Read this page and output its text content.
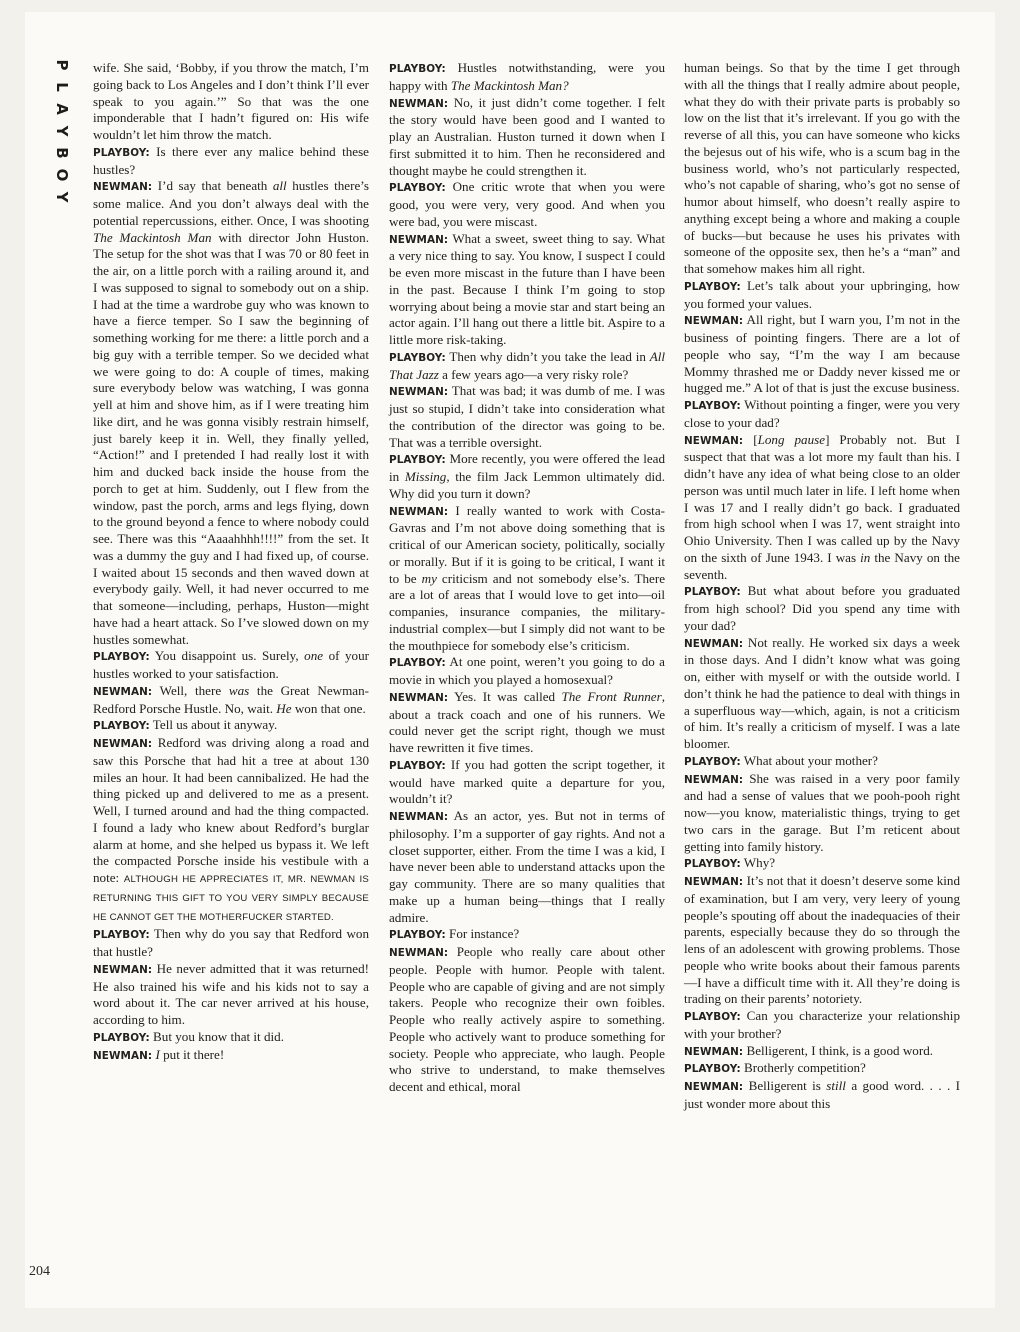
P
L
A
Y
B
O
Y
204

wife. She said, ‘Bobby, if you throw the match, I’m going back to Los Angeles and I don’t think I’ll ever speak to you again.’” So that was the one imponderable that I hadn’t figured on: His wife wouldn’t let him throw the match.

PLAYBOY: Is there ever any malice behind these hustles?

NEWMAN: I’d say that beneath all hustles there’s some malice. And you don’t always deal with the potential repercussions, either. Once, I was shooting The Mackintosh Man with director John Huston. The setup for the shot was that I was 70 or 80 feet in the air, on a little porch with a railing around it, and I was supposed to signal to somebody out on a ship. I had at the time a wardrobe guy who was known to have a fierce temper. So I saw the beginning of something working for me there: a little porch and a big guy with a terrible temper. So we decided what we were going to do: A couple of times, making sure everybody below was watching, I was gonna yell at him and shove him, as if I were treating him like dirt, and he was gonna visibly restrain himself, just barely keep it in. Well, they finally yelled, “Action!” and I pretended I had really lost it with him and ducked back inside the house from the porch to get at him. Suddenly, out I flew from the window, past the porch, arms and legs flying, down to the ground beyond a fence to where nobody could see. There was this “Aaaahhhh!!!!” from the set. It was a dummy the guy and I had fixed up, of course. I waited about 15 seconds and then waved down at everybody gaily. Well, it had never occurred to me that someone—including, perhaps, Huston—might have had a heart attack. So I’ve slowed down on my hustles somewhat.

PLAYBOY: You disappoint us. Surely, one of your hustles worked to your satisfaction.

NEWMAN: Well, there was the Great Newman-Redford Porsche Hustle. No, wait. He won that one.

PLAYBOY: Tell us about it anyway.

NEWMAN: Redford was driving along a road and saw this Porsche that had hit a tree at about 130 miles an hour. It had been cannibalized. He had the thing picked up and delivered to me as a present. Well, I turned around and had the thing compacted. I found a lady who knew about Redford’s burglar alarm at home, and she helped us bypass it. We left the compacted Porsche inside his vestibule with a note: ALTHOUGH HE APPRECIATES IT, MR. NEWMAN IS RETURNING THIS GIFT TO YOU VERY SIMPLY BECAUSE HE CANNOT GET THE MOTHERFUCKER STARTED.

PLAYBOY: Then why do you say that Redford won that hustle?

NEWMAN: He never admitted that it was returned! He also trained his wife and his kids not to say a word about it. The car never arrived at his house, according to him.

PLAYBOY: But you know that it did.

NEWMAN: I put it there!

PLAYBOY: Hustles notwithstanding, were you happy with The Mackintosh Man?

NEWMAN: No, it just didn’t come together. I felt the story would have been good and I wanted to play an Australian. Huston turned it down when I first submitted it to him. Then he reconsidered and thought maybe he could strengthen it.

PLAYBOY: One critic wrote that when you were good, you were very, very good. And when you were bad, you were miscast.

NEWMAN: What a sweet, sweet thing to say. What a very nice thing to say. You know, I suspect I could be even more miscast in the future than I have been in the past. Because I think I’m going to stop worrying about being a movie star and start being an actor again. I’ll hang out there a little bit. Aspire to a little more risk-taking.

PLAYBOY: Then why didn’t you take the lead in All That Jazz a few years ago—a very risky role?

NEWMAN: That was bad; it was dumb of me. I was just so stupid, I didn’t take into consideration what the contribution of the director was going to be. That was a terrible oversight.

PLAYBOY: More recently, you were offered the lead in Missing, the film Jack Lemmon ultimately did. Why did you turn it down?

NEWMAN: I really wanted to work with Costa-Gavras and I’m not above doing something that is critical of our American society, politically, socially or morally. But if it is going to be critical, I want it to be my criticism and not somebody else’s. There are a lot of areas that I would love to get into—oil companies, insurance companies, the military-industrial complex—but I simply did not want to be the mouthpiece for somebody else’s criticism.

PLAYBOY: At one point, weren’t you going to do a movie in which you played a homosexual?

NEWMAN: Yes. It was called The Front Runner, about a track coach and one of his runners. We could never get the script right, though we must have rewritten it five times.

PLAYBOY: If you had gotten the script together, it would have marked quite a departure for you, wouldn’t it?

NEWMAN: As an actor, yes. But not in terms of philosophy. I’m a supporter of gay rights. And not a closet supporter, either. From the time I was a kid, I have never been able to understand attacks upon the gay community. There are so many qualities that make up a human being—things that I really admire.

PLAYBOY: For instance?

NEWMAN: People who really care about other people. People with humor. People with talent. People who are capable of giving and are not simply takers. People who recognize their own foibles. People who really actively aspire to something. People who actively want to produce something for society. People who appreciate, who laugh. People who strive to understand, to make themselves decent and ethical, moral

human beings. So that by the time I get through with all the things that I really admire about people, what they do with their private parts is probably so low on the list that it’s irrelevant. If you go with the reverse of all this, you can have someone who kicks the bejesus out of his wife, who is a scum bag in the business world, who’s not particularly respected, who’s not capable of sharing, who’s got no sense of humor about himself, who doesn’t really aspire to anything except being a whore and making a couple of bucks—but because he uses his privates with someone of the opposite sex, then he’s a “man” and that somehow makes him all right.

PLAYBOY: Let’s talk about your upbringing, how you formed your values.

NEWMAN: All right, but I warn you, I’m not in the business of pointing fingers. There are a lot of people who say, “I’m the way I am because Mommy thrashed me or Daddy never kissed me or hugged me.” A lot of that is just the excuse business.

PLAYBOY: Without pointing a finger, were you very close to your dad?

NEWMAN: [Long pause] Probably not. But I suspect that that was a lot more my fault than his. I didn’t have any idea of what being close to an older person was until much later in life. I left home when I was 17 and I really didn’t go back. I graduated from high school when I was 17, went straight into Ohio University. Then I was called up by the Navy on the sixth of June 1943. I was in the Navy on the seventh.

PLAYBOY: But what about before you graduated from high school? Did you spend any time with your dad?

NEWMAN: Not really. He worked six days a week in those days. And I didn’t know what was going on, either with myself or with the outside world. I don’t think he had the patience to deal with things in a superfluous way—which, again, is not a criticism of him. It’s really a criticism of myself. I was a late bloomer.

PLAYBOY: What about your mother?

NEWMAN: She was raised in a very poor family and had a sense of values that we pooh-pooh right now—you know, materialistic things, trying to get two cars in the garage. But I’m reticent about getting into family history.

PLAYBOY: Why?

NEWMAN: It’s not that it doesn’t deserve some kind of examination, but I am very, very leery of young people’s spouting off about the inadequacies of their parents, especially because they do so through the lens of an adolescent with growing problems. Those people who write books about their famous parents—I have a difficult time with it. All they’re doing is trading on their parents’ notoriety.

PLAYBOY: Can you characterize your relationship with your brother?

NEWMAN: Belligerent, I think, is a good word.

PLAYBOY: Brotherly competition?

NEWMAN: Belligerent is still a good word. . . . I just wonder more about this
